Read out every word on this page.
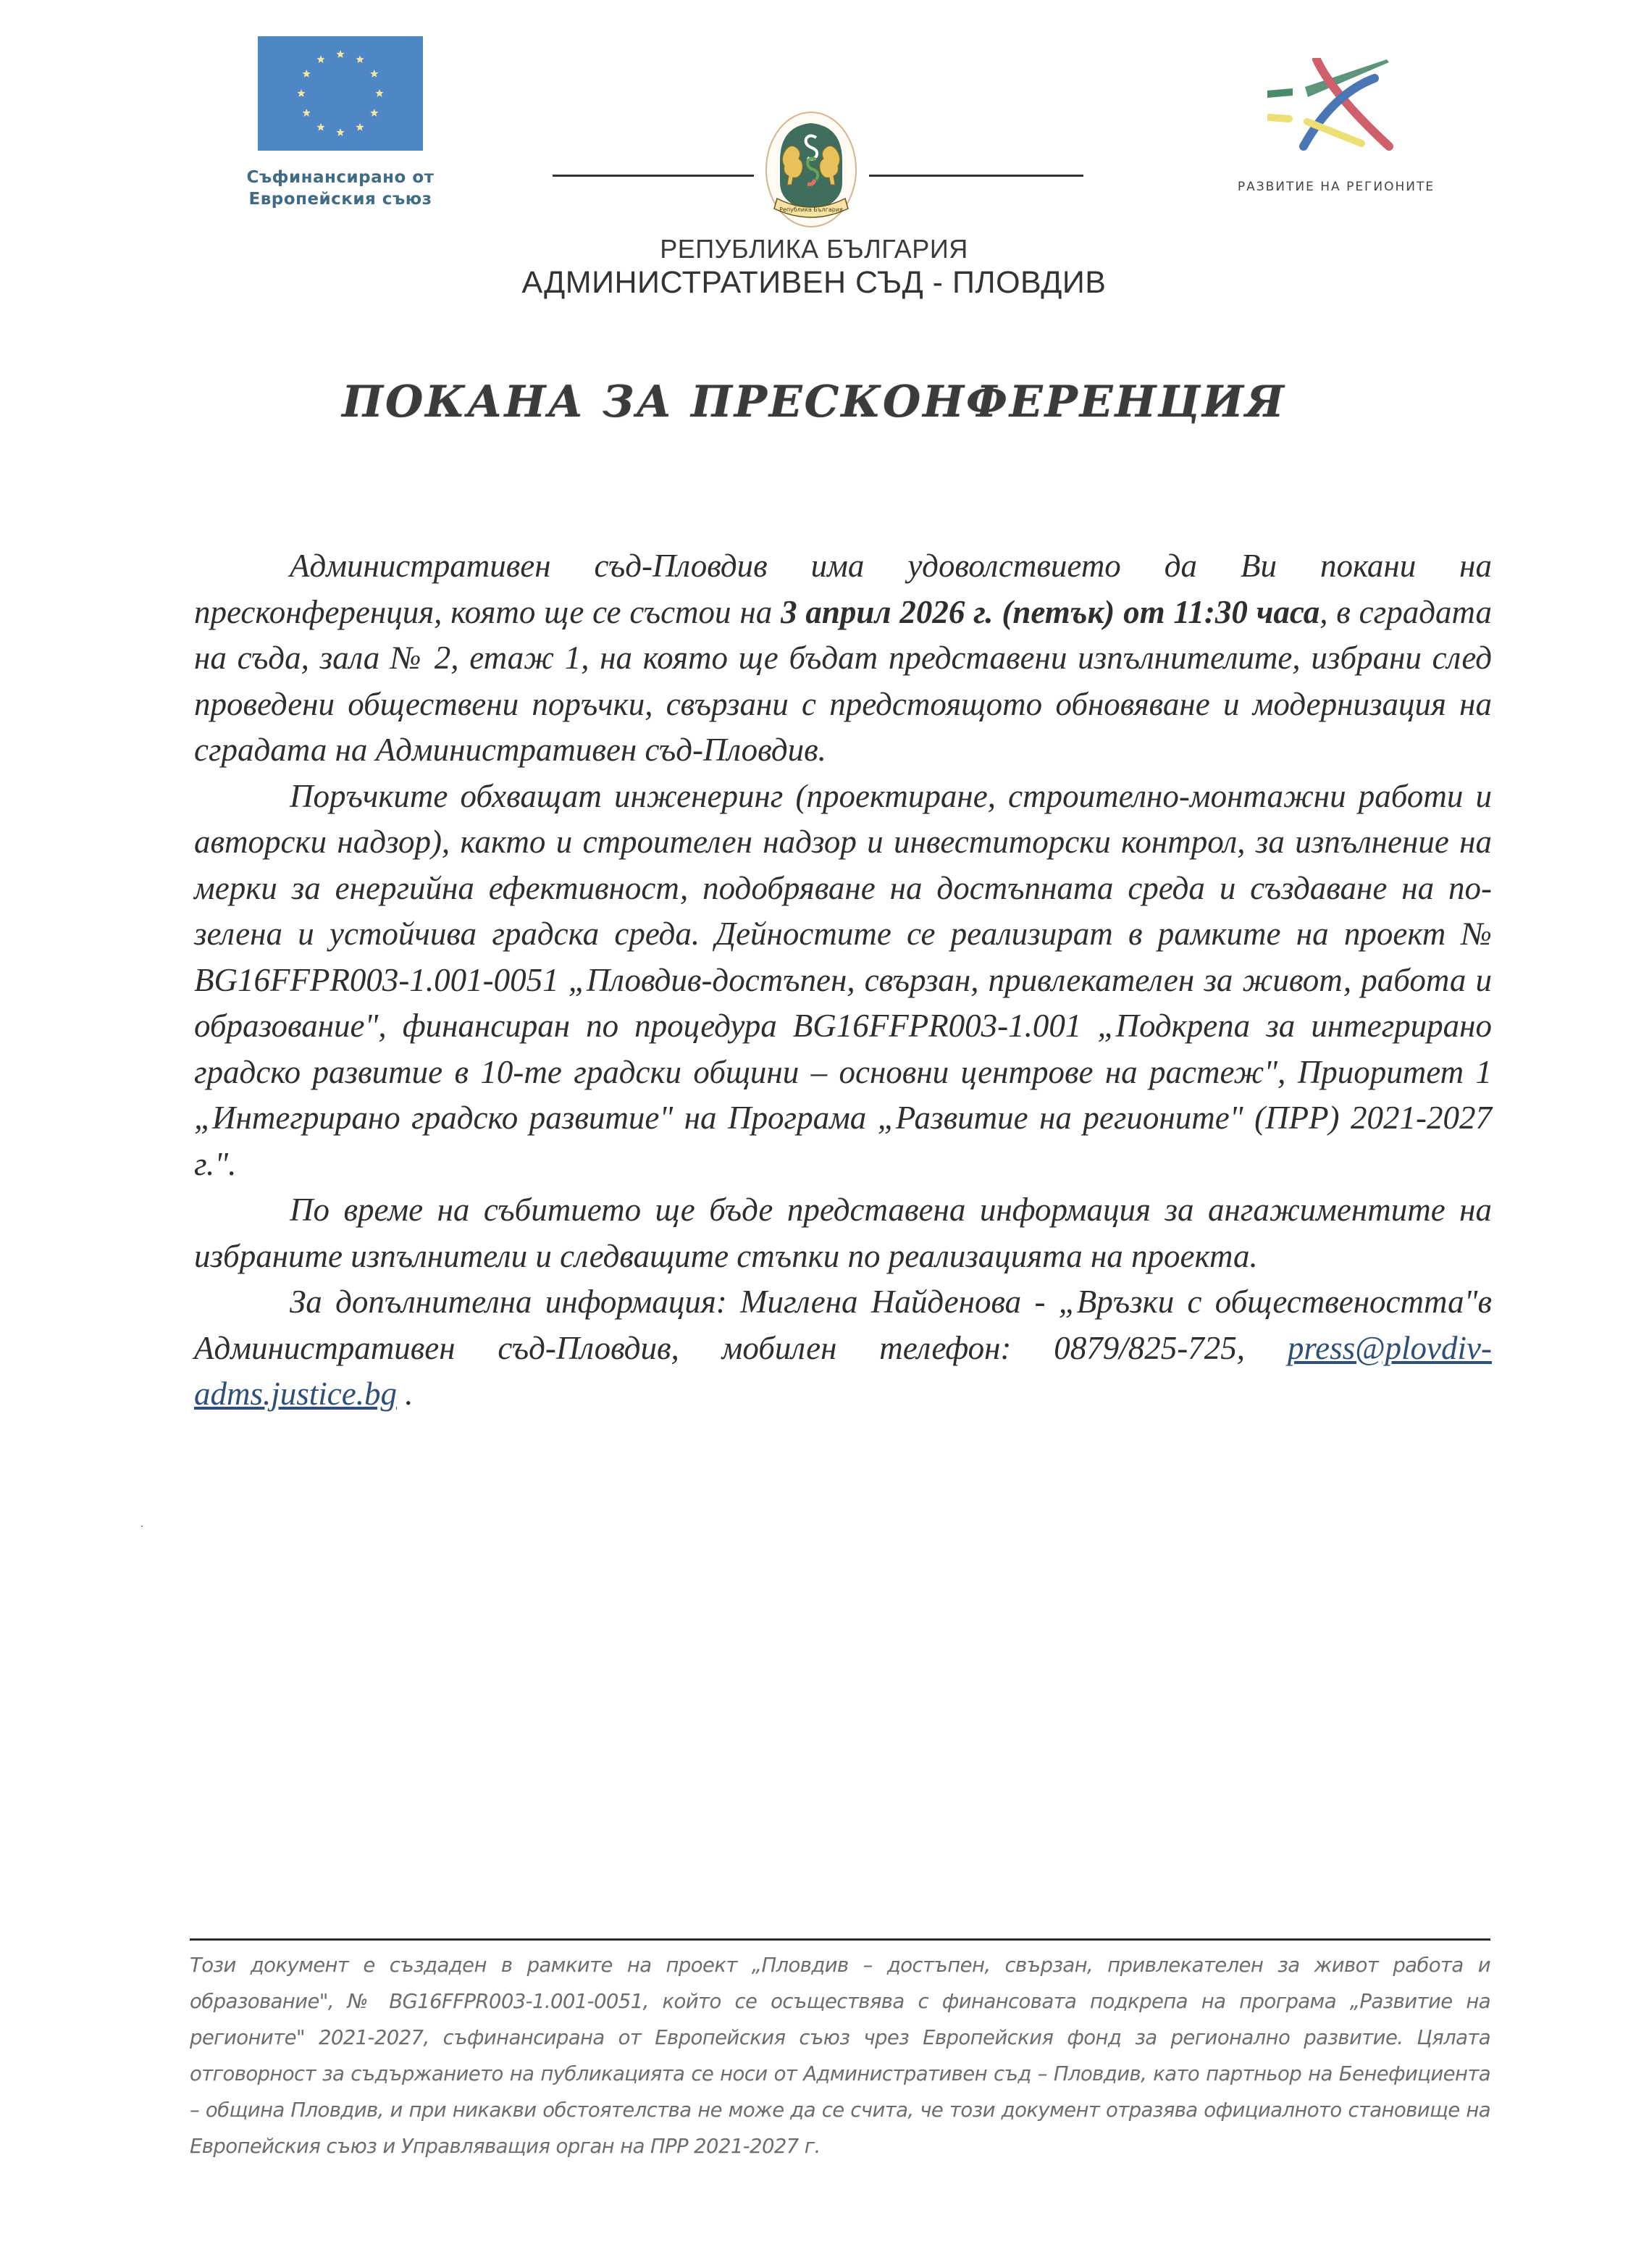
Съфинансирано от
Европейския съюз
Република България
РАЗВИТИЕ НА РЕГИОНИТЕ
РЕПУБЛИКА БЪЛГАРИЯ
АДМИНИСТРАТИВЕН СЪД - ПЛОВДИВ
ПОКАНА ЗА ПРЕСКОНФЕРЕНЦИЯ

Административен съд-Пловдив има удоволствието да Ви покани на пресконференция, която ще се състои на 3 април 2026 г. (петък) от 11:30 часа, в сградата на съда, зала № 2, етаж 1, на която ще бъдат представени изпълнителите, избрани след проведени обществени поръчки, свързани с предстоящото обновяване и модернизация на сградата на Административен съд-Пловдив.

Поръчките обхващат инженеринг (проектиране, строително-монтажни работи и авторски надзор), както и строителен надзор и инвеститорски контрол, за изпълнение на мерки за енергийна ефективност, подобряване на достъпната среда и създаване на по-зелена и устойчива градска среда. Дейностите се реализират в рамките на проект № BG16FFPR003-1.001-0051 „Пловдив-достъпен, свързан, привлекателен за живот, работа и образование", финансиран по процедура BG16FFPR003-1.001 „Подкрепа за интегрирано градско развитие в 10-те градски общини – основни центрове на растеж", Приоритет 1 „Интегрирано градско развитие" на Програма „Развитие на регионите" (ПРР) 2021-2027 г.".

По време на събитието ще бъде представена информация за ангажиментите на избраните изпълнители и следващите стъпки по реализацията на проекта.

За допълнителна информация: Миглена Найденова - „Връзки с обществеността"в Административен съд-Пловдив, мобилен телефон: 0879/825-725, press@plovdiv-adms.justice.bg .

Този документ е създаден в рамките на проект „Пловдив – достъпен, свързан, привлекателен за живот работа и образование", № BG16FFPR003-1.001-0051, който се осъществява с финансовата подкрепа на програма „Развитие на регионите" 2021-2027, съфинансирана от Европейския съюз чрез Европейския фонд за регионално развитие. Цялата отговорност за съдържанието на публикацията се носи от Административен съд – Пловдив, като партньор на Бенефициента – община Пловдив, и при никакви обстоятелства не може да се счита, че този документ отразява официалното становище на Европейския съюз и Управляващия орган на ПРР 2021-2027 г.
